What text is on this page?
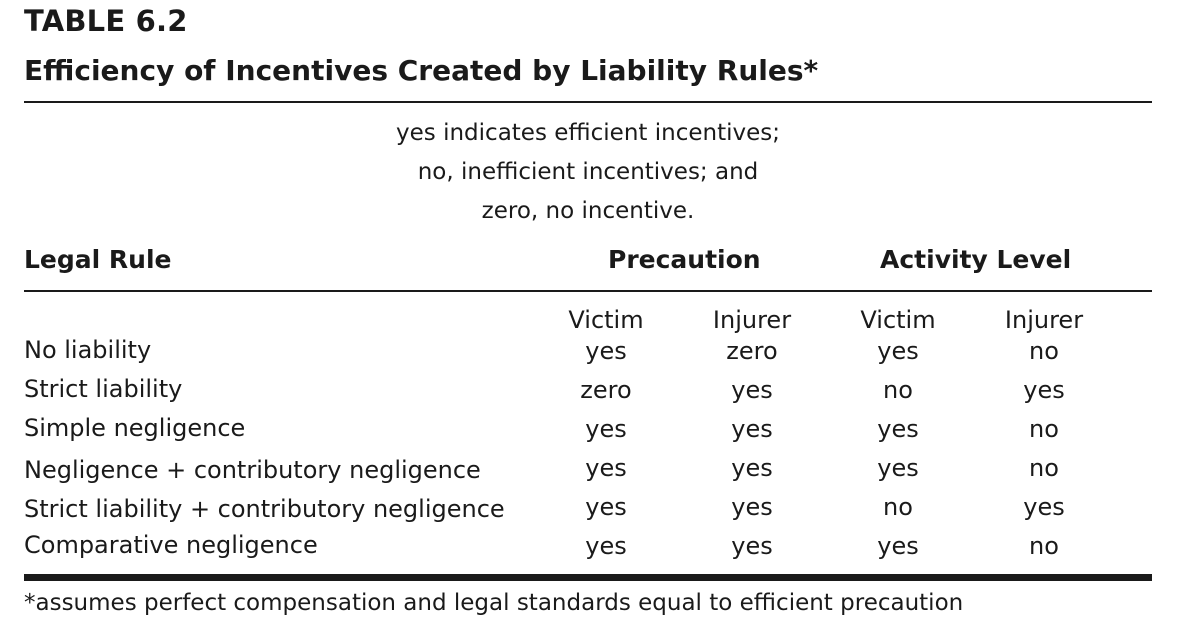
TABLE 6.2
Efficiency of Incentives Created by Liability Rules*
yes indicates efficient incentives;
no, inefficient incentives; and
zero, no incentive.
Legal Rule	Precaution	Activity Level
Victim	Injurer	Victim	Injurer
No liability	yes	zero	yes	no
Strict liability	zero	yes	no	yes
Simple negligence	yes	yes	yes	no
Negligence + contributory negligence	yes	yes	yes	no
Strict liability + contributory negligence	yes	yes	no	yes
Comparative negligence	yes	yes	yes	no
*assumes perfect compensation and legal standards equal to efficient precaution
